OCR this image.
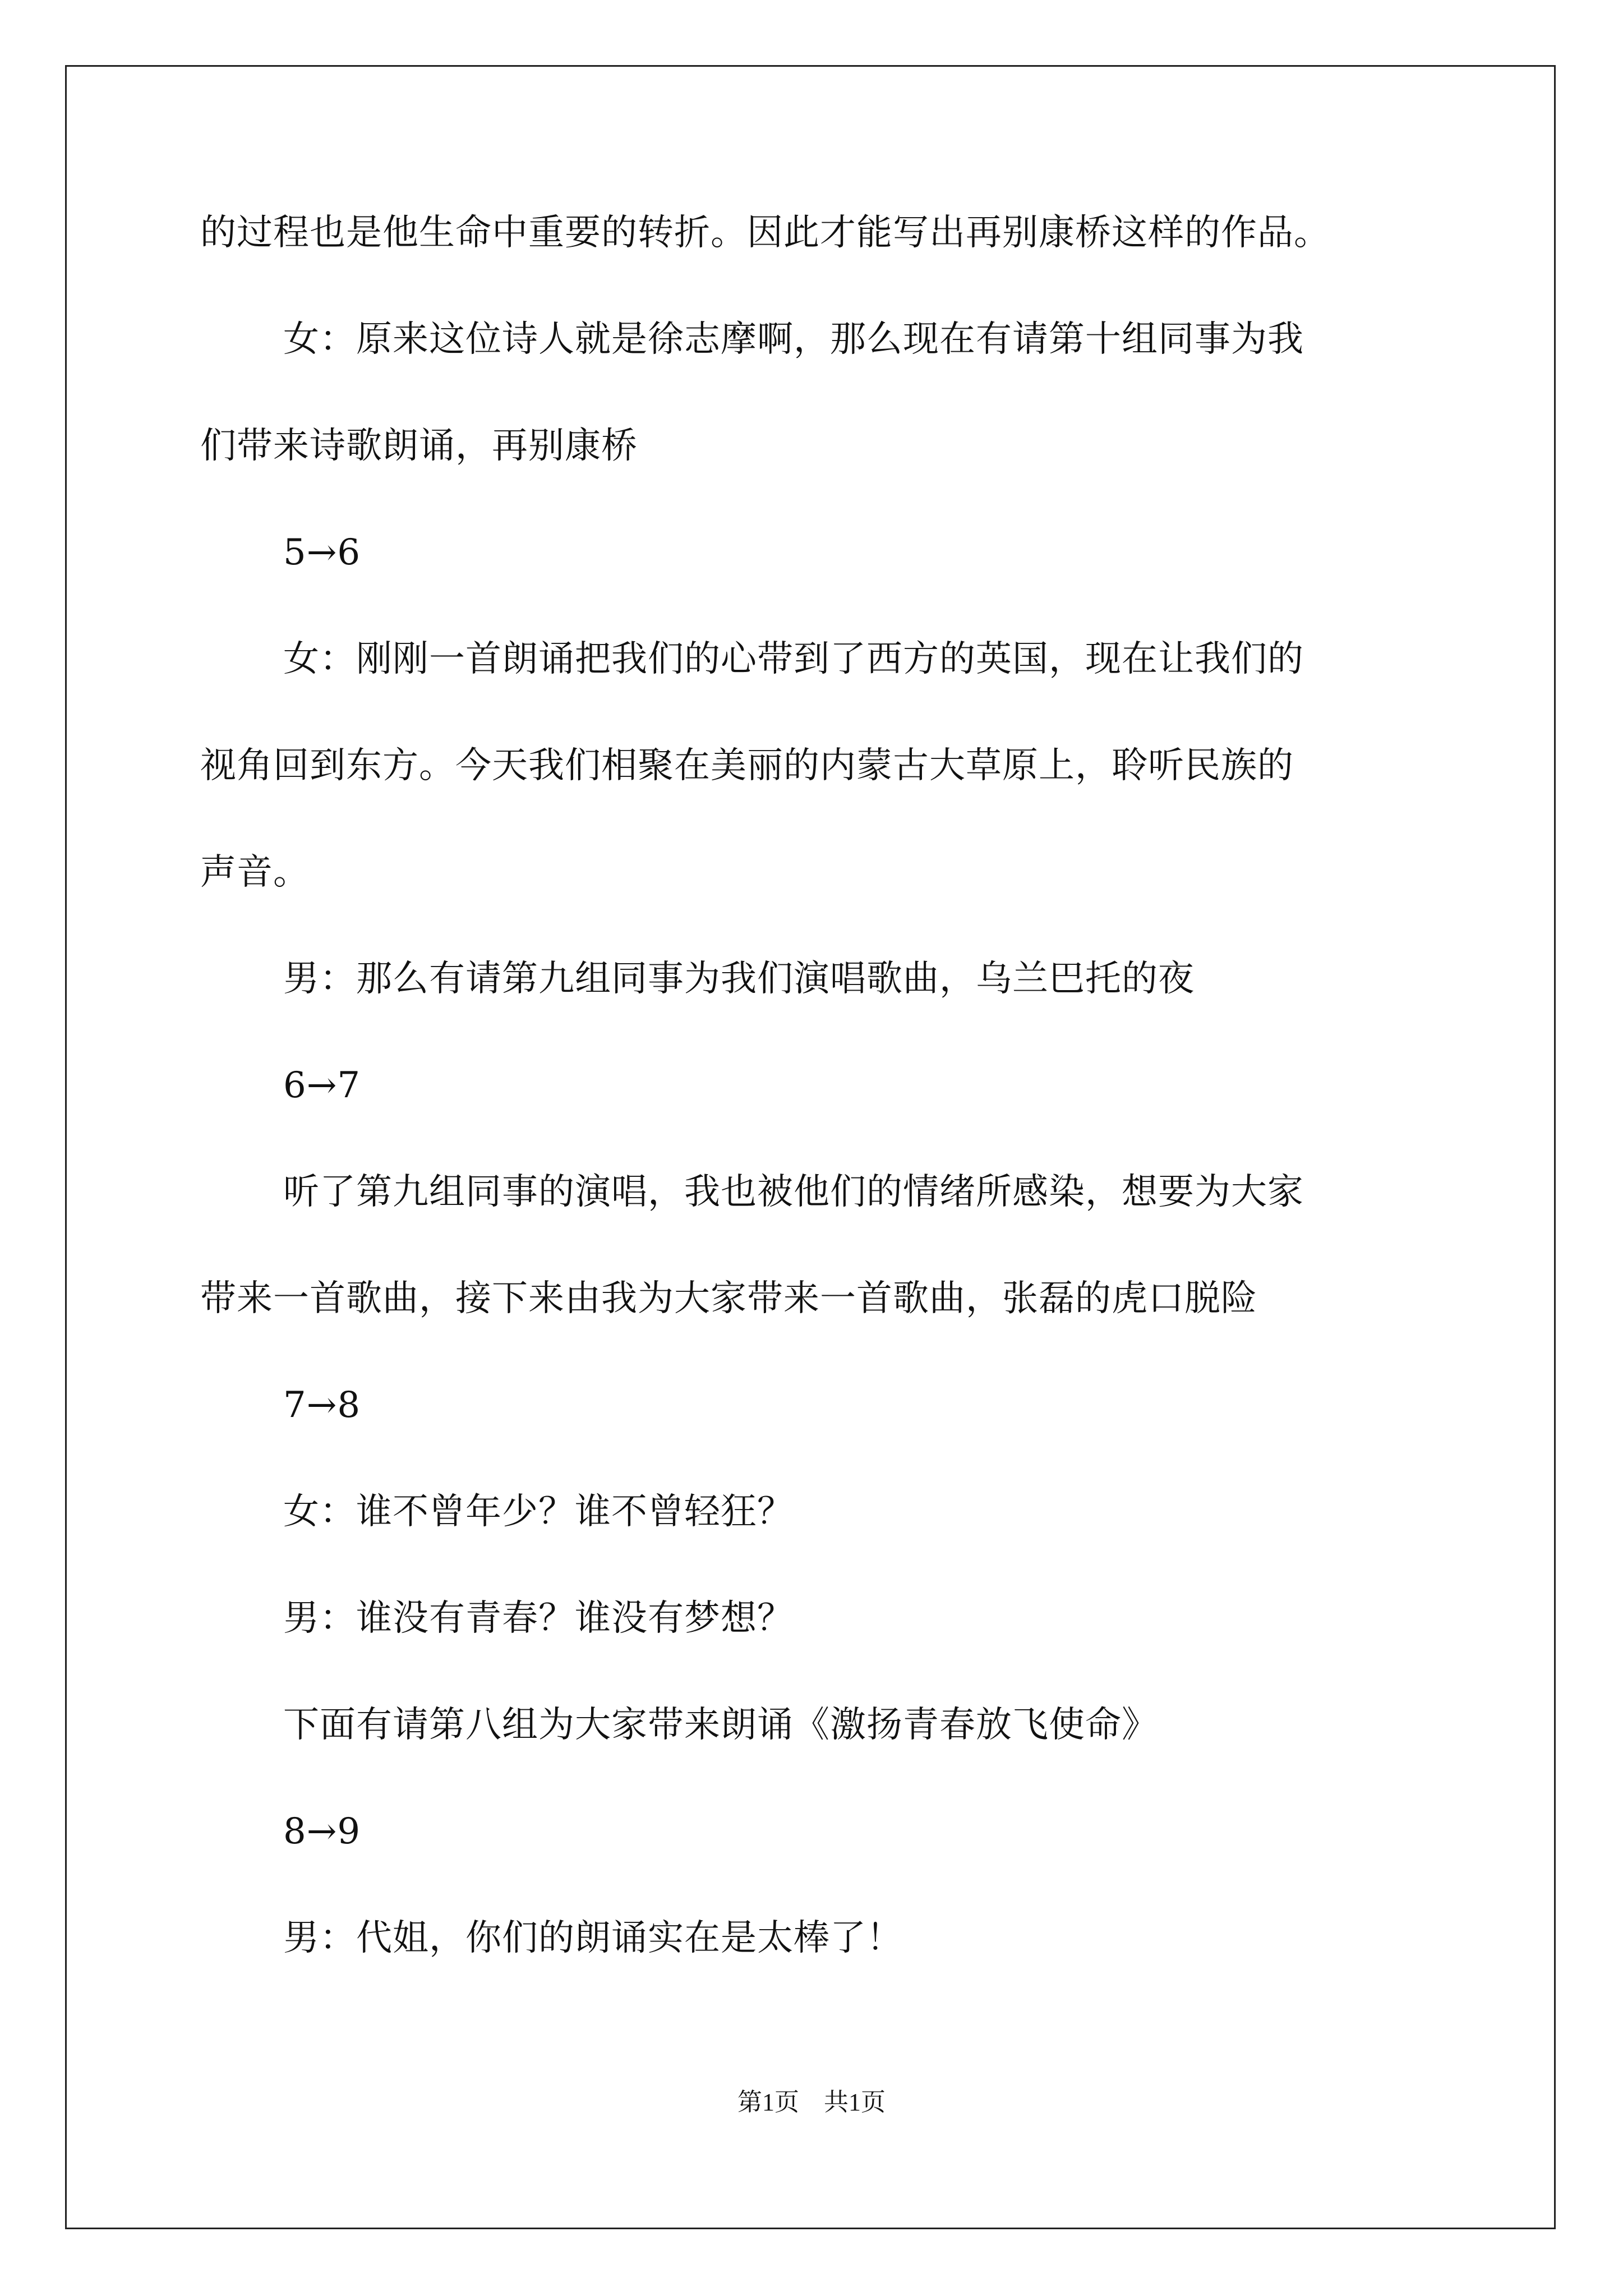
的过程也是他生命中重要的转折。因此才能写出再别康桥这样的作品。
女：原来这位诗人就是徐志摩啊，那么现在有请第十组同事为我
们带来诗歌朗诵，再别康桥
5→6
女：刚刚一首朗诵把我们的心带到了西方的英国，现在让我们的
视角回到东方。今天我们相聚在美丽的内蒙古大草原上，聆听民族的
声音。
男：那么有请第九组同事为我们演唱歌曲，乌兰巴托的夜
6→7
听了第九组同事的演唱，我也被他们的情绪所感染，想要为大家
带来一首歌曲，接下来由我为大家带来一首歌曲，张磊的虎口脱险
7→8
女：谁不曾年少？谁不曾轻狂？
男：谁没有青春？谁没有梦想？
下面有请第八组为大家带来朗诵《激扬青春放飞使命》
8→9
男：代姐，你们的朗诵实在是太棒了！
第1页　共1页
